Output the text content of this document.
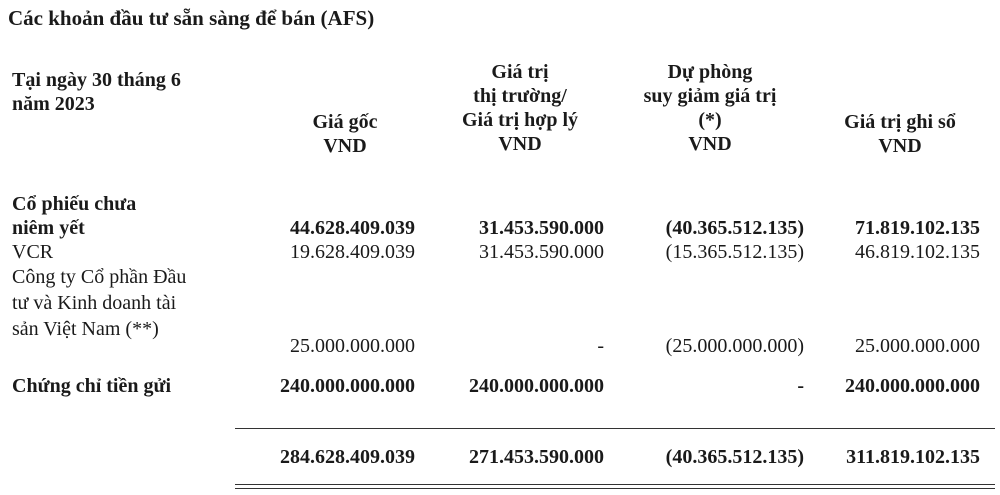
Các khoản đầu tư sẵn sàng để bán (AFS)
Tại ngày 30 tháng 6
năm 2023
Giá gốc
VND
Giá trị
thị trường/
Giá trị hợp lý
VND
Dự phòng
suy giảm giá trị
(*)
VND
Giá trị ghi sổ
VND
Cổ phiếu chưa
niêm yết	44.628.409.039	31.453.590.000	(40.365.512.135)	71.819.102.135
VCR	19.628.409.039	31.453.590.000	(15.365.512.135)	46.819.102.135
Công ty Cổ phần Đầu
tư và Kinh doanh tài
sản Việt Nam (**)
25.000.000.000	-	(25.000.000.000)	25.000.000.000
Chứng chỉ tiền gửi	240.000.000.000	240.000.000.000	- 240.000.000.000
284.628.409.039	271.453.590.000	(40.365.512.135) 311.819.102.135
